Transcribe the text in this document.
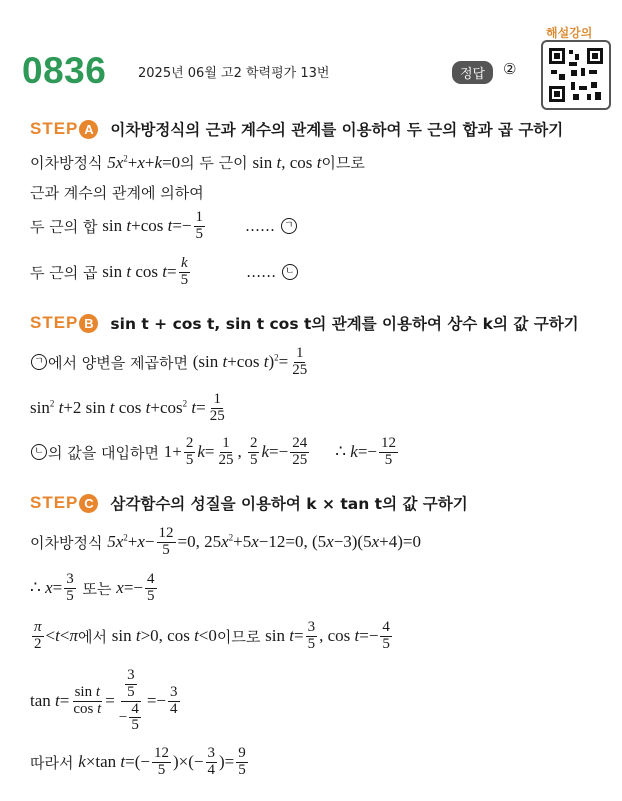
0836 2025년 06월 고2 학력평가 13번	정답	②
해설강의
STEP A	이차방정식의 근과 계수의 관계를 이용하여 두 근의 합과 곱 구하기
이차방정식
$5x^2+x+k=0$ 의 두 근이
sin t, cos t 이므로
근과 계수의 관계에 의하여
두 근의 합
sin t+cos $t=- \frac{1}{5}$	……
ㄱ
두 근의 곱
sin t $\cos t= \frac{k}{5}$	……
ㄴ
STEP B	sin t + cos t, sin t cos t의 관계를 이용하여 상수 k의 값 구하기
ㄱ 에서 양변을 제곱하면
(sin t+cos $t)^2= \frac{1}{25}$
$\sin^2 t+2$ sin t $\cos t+\cos^2$ $t= \frac{1}{25}$
ㄴ 의 값을 대입하면
$1+ \frac{2}{5} k= \frac{1}{25}$ , $\frac{2}{5} k=- \frac{24}{25}$ ∴ $k=- \frac{12}{5}$
STEP C	삼각함수의 성질을 이용하여 k × tan t의 값 구하기
이차방정식
$5x^2+x- \frac{12}{5} =0$, $25x^2+5x-12=0$, (5x−3)(5x+4)=0
∴ $x= \frac{3}{5}$
또는
$x=- \frac{4}{5}$
$\frac{\pi}{2} <t<\pi$ 에서
sin t>0, cos t<0 이므로
$\sin t= \frac{3}{5}$ , $\cos t=- \frac{4}{5}$
$\tan t= \frac{\text{sin t}}{\text{cos t}} = \frac{\frac{3}{5}}{- \frac{4}{5}} =- \frac{3}{4}$
따라서
k×tan $t=(- \frac{12}{5}$ )×(− $\frac{3}{4}$ )= $\frac{9}{5}$
